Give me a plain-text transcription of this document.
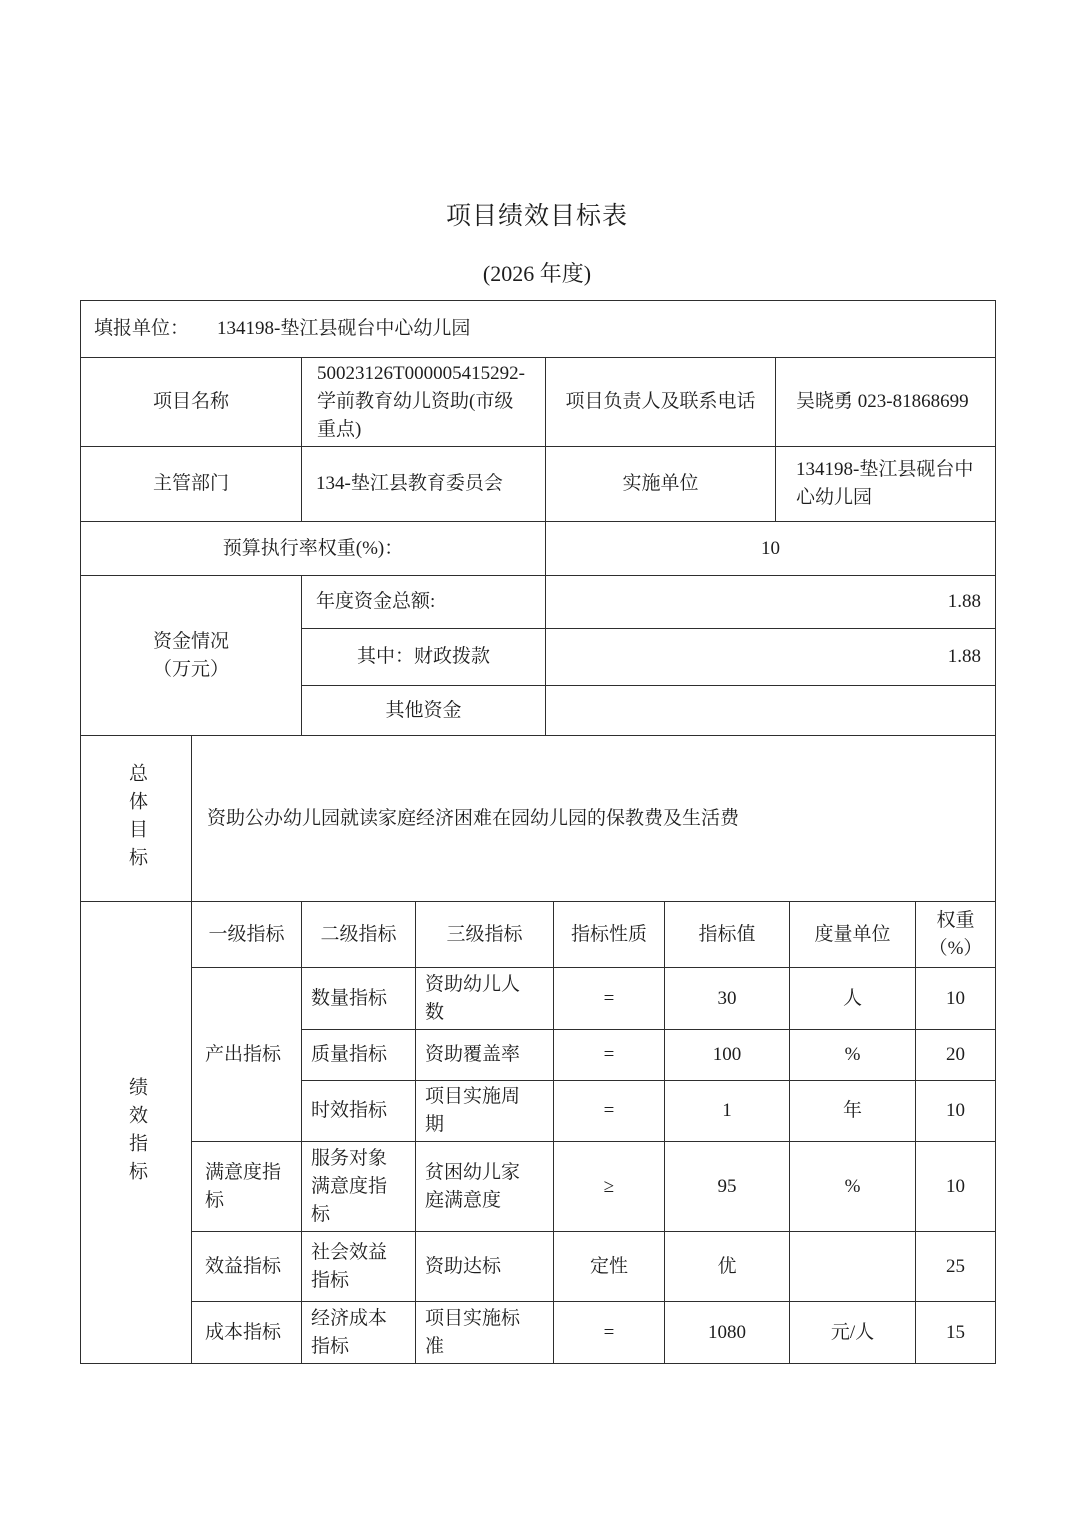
项目绩效目标表
(2026 年度)
填报单位： 134198-垫江县砚台中心幼儿园			
项目名称	50023126T000005415292-学前教育幼儿资助(市级重点)	项目负责人及联系电话	吴晓勇 023-81868699
主管部门	134-垫江县教育委员会	实施单位	134198-垫江县砚台中心幼儿园
预算执行率权重(%)：		10	
资金情况（万元）	年度资金总额:	1.88	
	其中：财政拨款	1.88	
	其他资金		
总体目标	资助公办幼儿园就读家庭经济困难在园幼儿园的保教费及生活费
绩效指标	一级指标	二级指标	三级指标	指标性质	指标值	度量单位	权重（%）
	产出指标	数量指标	资助幼儿人数	=	30	人	10
		质量指标	资助覆盖率	=	100	%	20
		时效指标	项目实施周期	=	1	年	10
	满意度指标	服务对象满意度指标	贫困幼儿家庭满意度	≥	95	%	10
	效益指标	社会效益指标	资助达标	定性	优		25
	成本指标	经济成本指标	项目实施标准	=	1080	元/人	15
